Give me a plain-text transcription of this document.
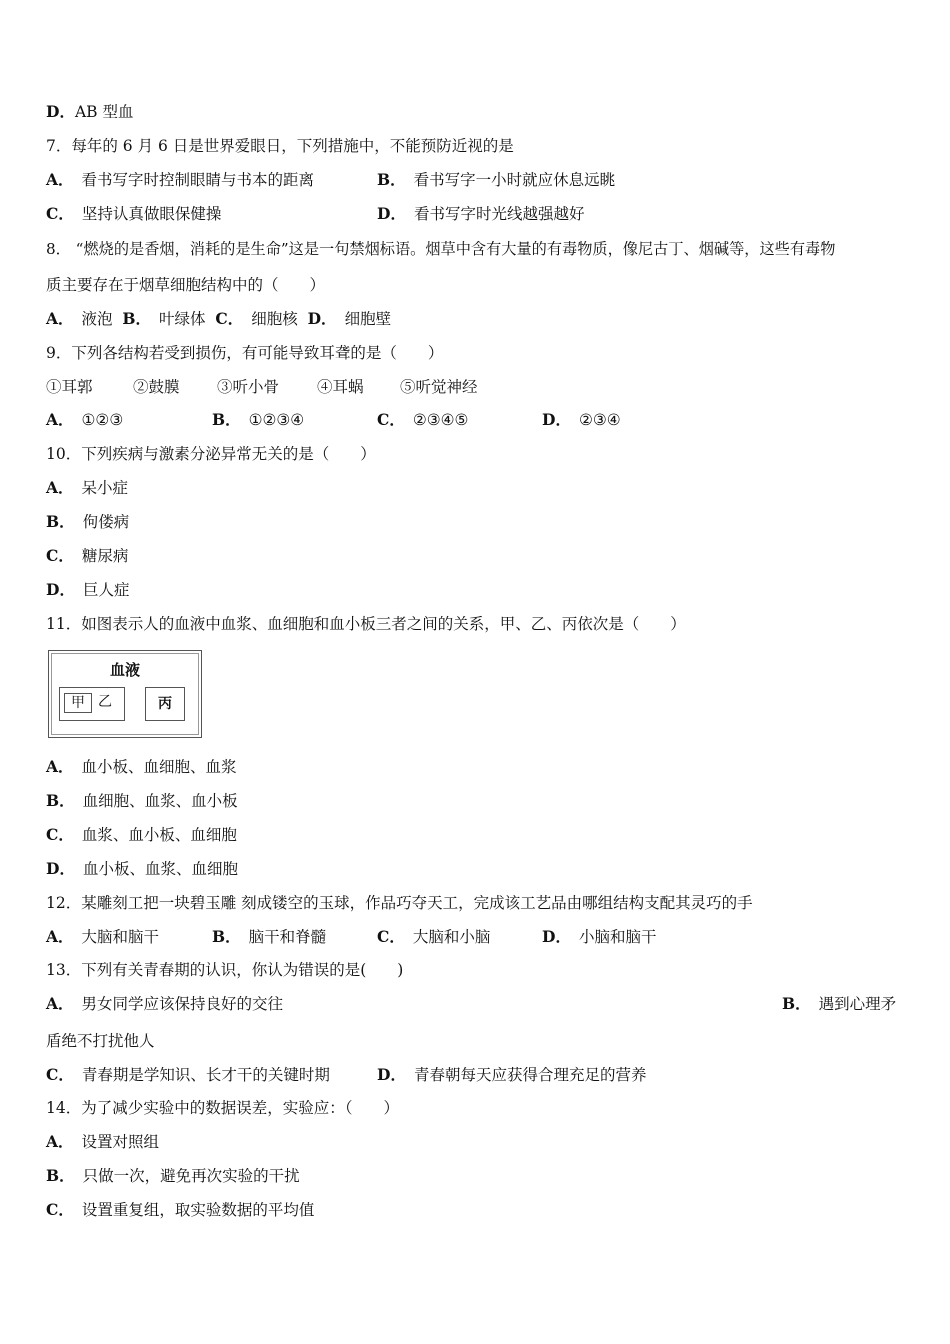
D．AB 型血
7．每年的 6 月 6 日是世界爱眼日，下列措施中，不能预防近视的是
A． 看书写字时控制眼睛与书本的距离	B． 看书写字一小时就应休息远眺
C． 坚持认真做眼保健操	D． 看书写字时光线越强越好
8． “燃烧的是香烟，消耗的是生命”这是一句禁烟标语。烟草中含有大量的有毒物质，像尼古丁、烟碱等，这些有毒物
质主要存在于烟草细胞结构中的（　　）
A． 液泡 B． 叶绿体 C． 细胞核 D． 细胞壁
9．下列各结构若受到损伤，有可能导致耳聋的是（　　）
①耳郭	②鼓膜 ③听小骨 ④耳蜗 ⑤听觉神经
A． ①②③	B． ①②③④	C． ②③④⑤	D． ②③④
10．下列疾病与激素分泌异常无关的是（　　）
A． 呆小症
B． 佝偻病
C． 糖尿病
D． 巨人症
11．如图表示人的血液中血浆、血细胞和血小板三者之间的关系，甲、乙、丙依次是（　　）
血液
甲 乙	丙
A． 血小板、血细胞、血浆
B． 血细胞、血浆、血小板
C． 血浆、血小板、血细胞
D． 血小板、血浆、血细胞
12．某雕刻工把一块碧玉雕 刻成镂空的玉球，作品巧夺天工，完成该工艺品由哪组结构支配其灵巧的手
A． 大脑和脑干	B． 脑干和脊髓	C． 大脑和小脑	D． 小脑和脑干
13．下列有关青春期的认识，你认为错误的是(　　)
A． 男女同学应该保持良好的交往	B． 遇到心理矛
盾绝不打扰他人
C． 青春期是学知识、长才干的关键时期	D． 青春朝每天应获得合理充足的营养
14．为了减少实验中的数据误差，实验应：（　　）
A． 设置对照组
B． 只做一次，避免再次实验的干扰
C． 设置重复组，取实验数据的平均值
